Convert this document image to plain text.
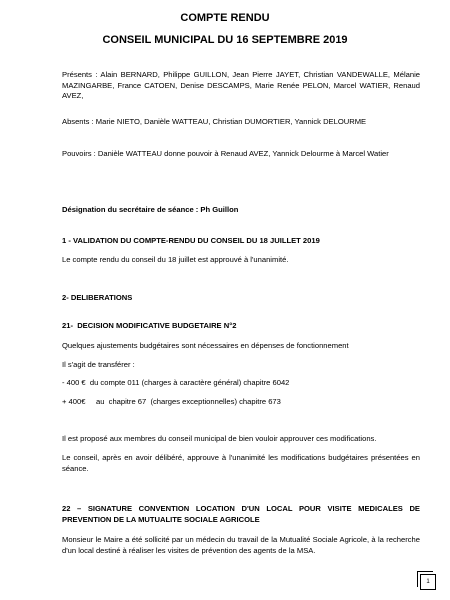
COMPTE RENDU

CONSEIL MUNICIPAL DU 16 SEPTEMBRE 2019

Présents : Alain BERNARD, Philippe GUILLON, Jean Pierre JAYET, Christian VANDEWALLE, Mélanie MAZINGARBE, France CATOEN, Denise DESCAMPS, Marie Renée PELON, Marcel WATIER, Renaud AVEZ,

Absents : Marie NIETO, Danièle WATTEAU, Christian DUMORTIER, Yannick DELOURME

Pouvoirs : Danièle WATTEAU donne pouvoir à Renaud AVEZ, Yannick Delourme à Marcel Watier

Désignation du secrétaire de séance : Ph Guillon

1 - VALIDATION DU COMPTE-RENDU DU CONSEIL DU 18 JUILLET 2019

Le compte rendu du conseil du 18 juillet est approuvé à l'unanimité.

2- DELIBERATIONS

21-  DECISION MODIFICATIVE BUDGETAIRE N°2

Quelques ajustements budgétaires sont nécessaires en dépenses de fonctionnement

Il s'agit de transférer :

- 400 €  du compte 011 (charges à caractère général) chapitre 6042

+ 400€     au  chapitre 67  (charges exceptionnelles) chapitre 673

Il est proposé aux membres du conseil municipal de bien vouloir approuver ces modifications.

Le conseil, après en avoir délibéré, approuve à l'unanimité les modifications budgétaires présentées en séance.

22 – SIGNATURE CONVENTION LOCATION D'UN LOCAL POUR VISITE MEDICALES DE PREVENTION DE LA MUTUALITE SOCIALE AGRICOLE

Monsieur le Maire a été sollicité par un médecin du travail de la Mutualité Sociale Agricole, à la recherche d'un local destiné à réaliser les visites de prévention des agents de la MSA.

1
